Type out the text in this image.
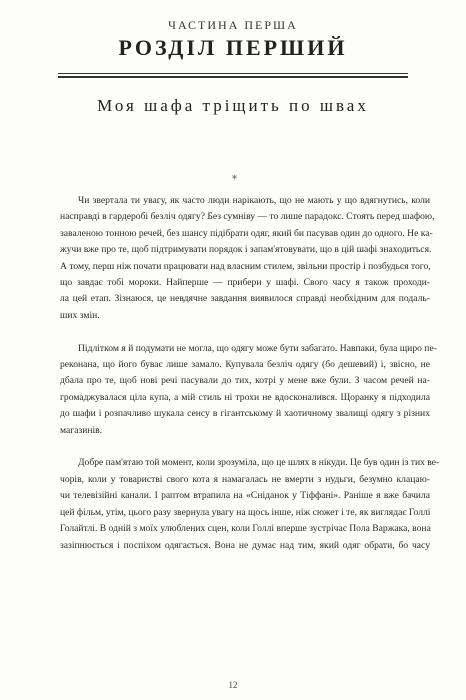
ЧАСТИНА ПЕРША
РОЗДІЛ ПЕРШИЙ
Моя шафа тріщить по швах
*
Чи звертала ти увагу, як часто люди нарікають, що не мають у що вдягнутись, коли
насправді в гардеробі безліч одягу? Без сумніву — то лише парадокс. Стоять перед шафою,
заваленою тонною речей, без шансу підібрати одяг, який би пасував один до одного. Не ка-
жучи вже про те, щоб підтримувати порядок і запам'ятовувати, що в цій шафі знаходиться.
А тому, перш ніж почати працювати над власним стилем, звільни простір і позбудься того,
що завдає тобі мороки. Найперше — прибери у шафі. Свого часу я також проходи-
ла цей етап. Зізнаюся, це невдячне завдання виявилося справді необхідним для подаль-
ших змін.
Підлітком я й подумати не могла, що одягу може бути забагато. Навпаки, була щиро пе-
реконана, що його буває лише замало. Купувала безліч одягу (бо дешевий) і, звісно, не
дбала про те, щоб нові речі пасували до тих, котрі у мене вже були. З часом речей на-
громаджувалася ціла купа, а мій стиль ні трохи не вдосконалився. Щоранку я підходила
до шафи і розпачливо шукала сенсу в гігантському й хаотичному звалищі одягу з різних
магазинів.
Добре пам'ятаю той момент, коли зрозуміла, що це шлях в нікуди. Це був один із тих ве-
чорів, коли у товаристві свого кота я намагалась не вмерти з нудьги, безумно клацаю-
чи телевізійні канали. І раптом втрапила на «Сніданок у Тіффані». Раніше я вже бачила
цей фільм, утім, цього разу звернула увагу на щось інше, ніж сюжет і те, як виглядає Голлі
Голайтлі. В одній з моїх улюблених сцен, коли Голлі вперше зустрічає Пола Варжака, вона
зазіпнюється і поспіхом одягається. Вона не думає над тим, який одяг обрати, бо часу
12
